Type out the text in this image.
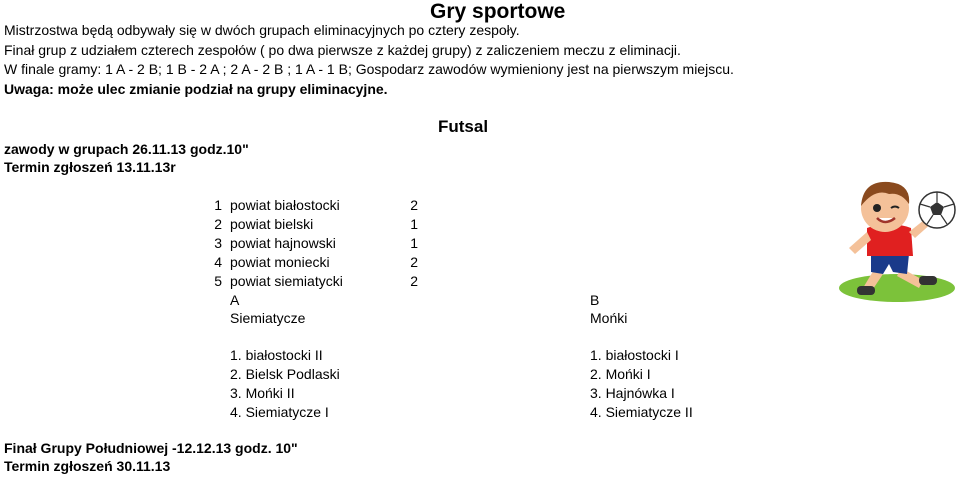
Gry sportowe
Mistrzostwa będą odbywały się w dwóch grupach eliminacyjnych po cztery zespoły.
Finał grup z udziałem czterech zespołów ( po dwa pierwsze z każdej grupy) z zaliczeniem meczu z eliminacji.
W finale gramy: 1 A - 2 B; 1 B - 2 A ; 2 A - 2 B ; 1 A - 1 B; Gospodarz zawodów wymieniony jest na pierwszym miejscu.
Uwaga: może ulec zmianie podział na grupy eliminacyjne.
Futsal
zawody w grupach 26.11.13 godz.10"
Termin zgłoszeń 13.11.13r
1 powiat białostocki	2
2 powiat bielski	1
3 powiat hajnowski	1
4 powiat moniecki	2
5 powiat siemiatycki	2
A
Siemiatycze
B
Mońki
1. białostocki II
2. Bielsk Podlaski
3. Mońki II
4. Siemiatycze I
1. białostocki I
2. Mońki I
3. Hajnówka I
4. Siemiatycze II
Finał Grupy Południowej -12.12.13 godz. 10"
Termin zgłoszeń 30.11.13
